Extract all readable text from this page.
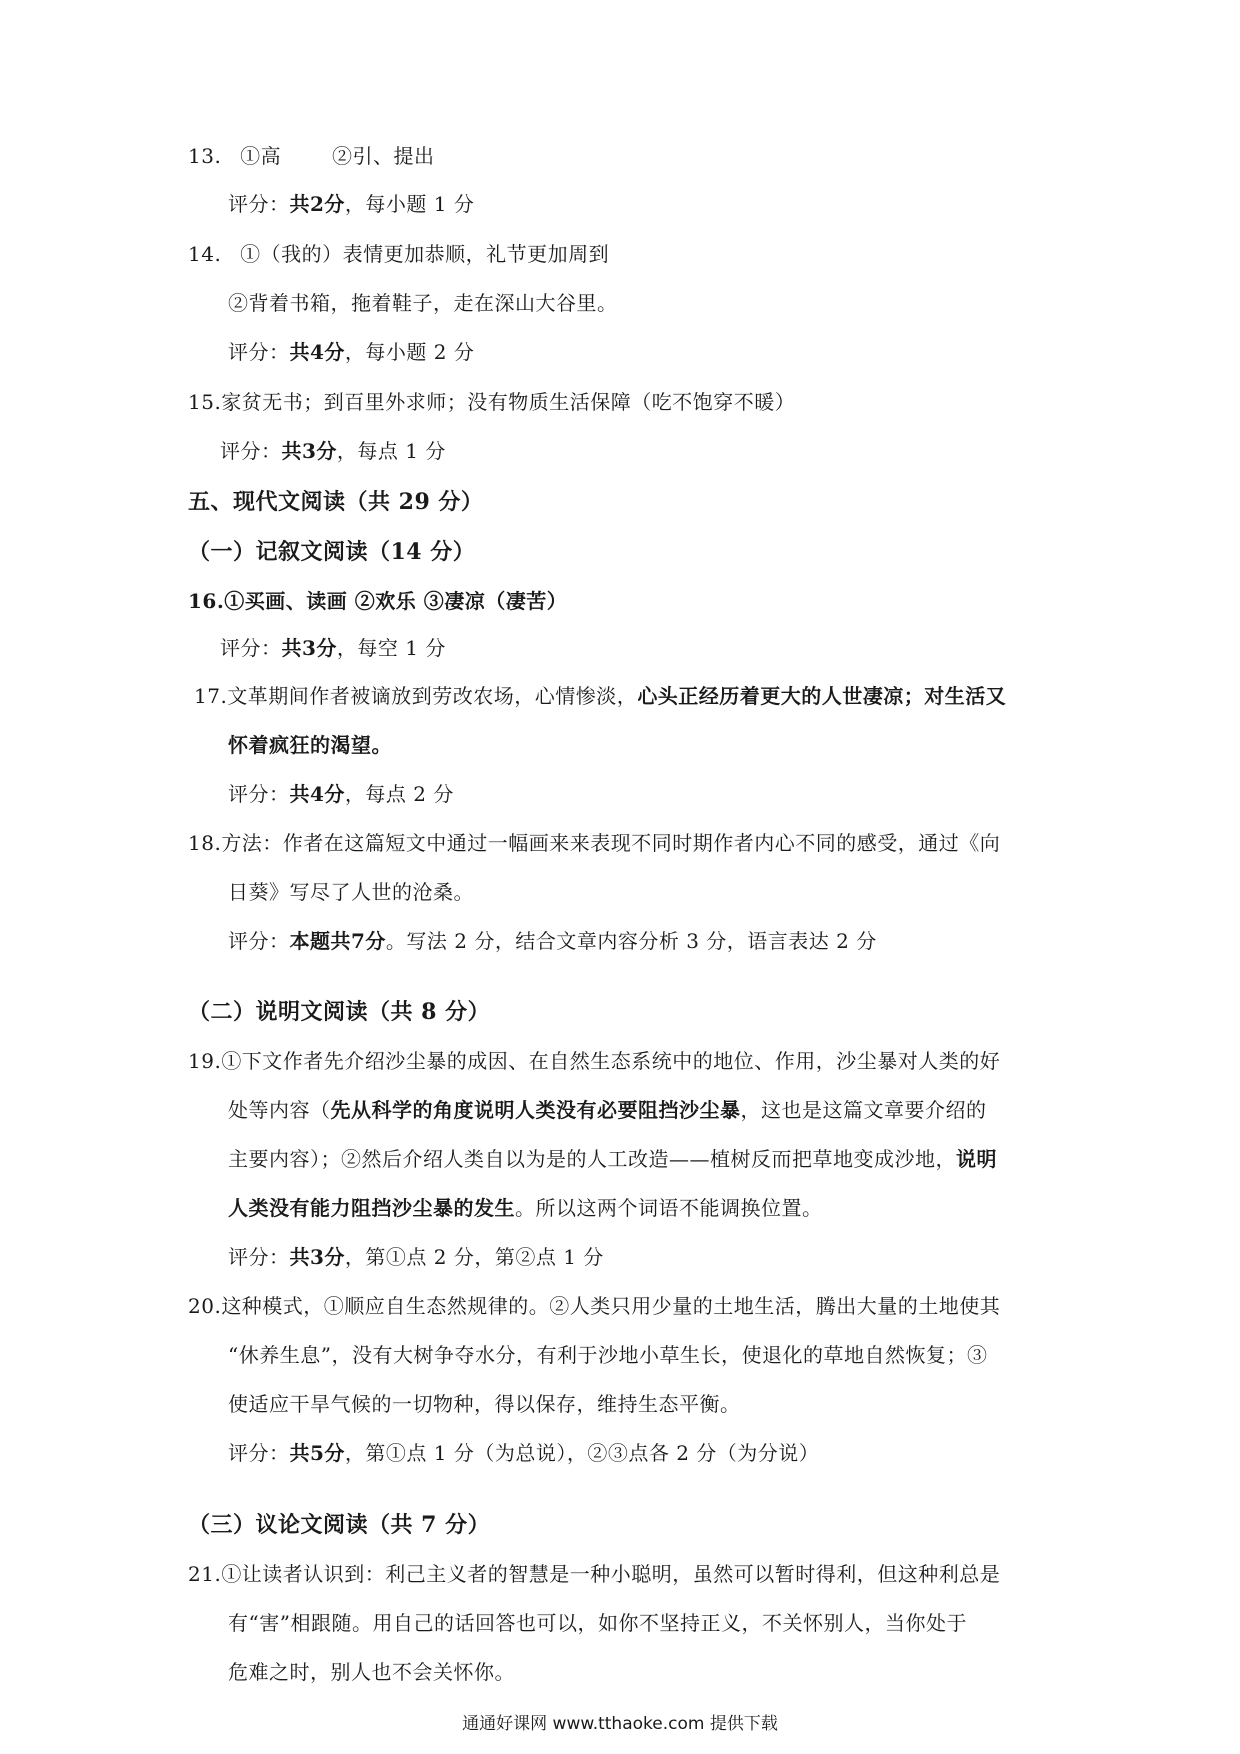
13. ①高	②引、提出
评分：共2分，每小题 1 分
14. ①（我的）表情更加恭顺，礼节更加周到
②背着书箱，拖着鞋子，走在深山大谷里。
评分：共4分，每小题 2 分
15.家贫无书；到百里外求师；没有物质生活保障（吃不饱穿不暖）
评分：共3分，每点 1 分
五、现代文阅读（共 29 分）
（一）记叙文阅读（14 分）
16.①买画、读画 ②欢乐 ③凄凉（凄苦）
评分：共3分，每空 1 分
17.文革期间作者被谪放到劳改农场，心情惨淡，心头正经历着更大的人世凄凉；对生活又
怀着疯狂的渴望。
评分：共4分，每点 2 分
18.方法：作者在这篇短文中通过一幅画来来表现不同时期作者内心不同的感受，通过《向
日葵》写尽了人世的沧桑。
评分：本题共7分。写法 2 分，结合文章内容分析 3 分，语言表达 2 分
（二）说明文阅读（共 8 分）
19.①下文作者先介绍沙尘暴的成因、在自然生态系统中的地位、作用，沙尘暴对人类的好
处等内容（先从科学的角度说明人类没有必要阻挡沙尘暴，这也是这篇文章要介绍的
主要内容）；②然后介绍人类自以为是的人工改造——植树反而把草地变成沙地，说明
人类没有能力阻挡沙尘暴的发生。所以这两个词语不能调换位置。
评分：共3分，第①点 2 分，第②点 1 分
20.这种模式，①顺应自生态然规律的。②人类只用少量的土地生活，腾出大量的土地使其
“休养生息”，没有大树争夺水分，有利于沙地小草生长，使退化的草地自然恢复；③
使适应干旱气候的一切物种，得以保存，维持生态平衡。
评分：共5分，第①点 1 分（为总说），②③点各 2 分（为分说）
（三）议论文阅读（共 7 分）
21.①让读者认识到：利己主义者的智慧是一种小聪明，虽然可以暂时得利，但这种利总是
有“害”相跟随。用自己的话回答也可以，如你不坚持正义，不关怀别人，当你处于
危难之时，别人也不会关怀你。
通通好课网 www.tthaoke.com 提供下载
